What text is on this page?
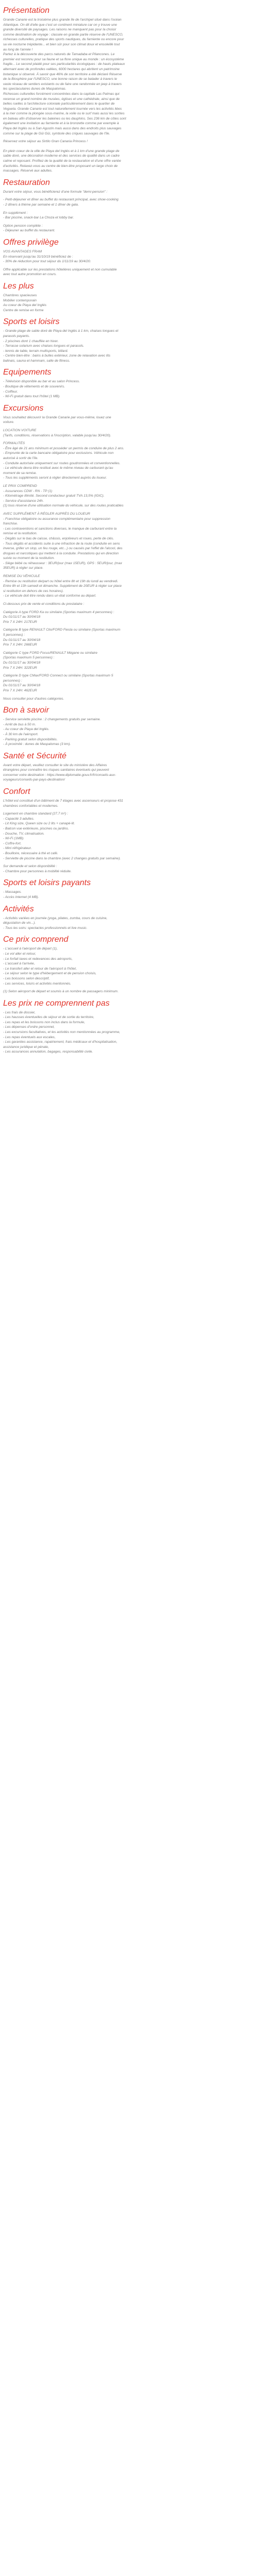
Présentation
Grande Canarie est la troisième plus grande île de l'archipel situé dans l'océan
Atlantique. On dit d'elle que c'est un continent miniature car on y trouve une
grande diversité de paysages. Les raisons ne manquent pas pour la choisir
comme destination de voyage : classée en grande partie réserve de l'UNESCO,
richesses culturelles, pratique des sports nautiques, du farniente ou encore pour
sa vie nocturne trépidante... et bien sûr pour son climat doux et ensoleillé tout
au long de l'année !
Partez à la découverte des parcs naturels de Tamadaba et Pilancones. Le
premier est reconnu pour sa faune et sa flore unique au monde : un écosystème
fragile... Le second plaidé pour ses particularités écologiques : de hauts plateaux
alternant avec de profondes vallées, 6000 hectares qui abritent un patrimoine
botanique si observé. À savoir que 46% de son territoire a été déclaré Réserve
de la Biosphère par l'UNESCO, une bonne raison de se balader à travers le
vaste réseau de sentiers existants ou de faire une randonnée en jeep à travers
les spectaculaires dunes de Maspalomas.
Richesses culturelles forcément concentrées dans la capitale Las Palmas qui
recense un grand nombre de musées, églises et une cathédrale, ainsi que de
belles ruelles à l'architecture coloniale particulièrement dans le quartier de
Vegueta. Grande Canarie est tout naturellement tournée vers les activités liées
à la mer comme la plongée sous-marine, la voile ou le surf mais aussi les sorties
en bateau afin d'observer les baleines ou les dauphins. Ses 236 km de côtes sont
également une invitation au farniente et à la bronzette comme par exemple à
Playa del Inglés ou à San Agustin mais aussi dans des endroits plus sauvages
comme sur la plage de Güi Güi, symbole des criques sauvages de l'île.
Réservez votre séjour au Sirtilo Gran Canaria Princess !
En plein coeur de la ville de Playa del Inglés et à 1 km d'une grande plage de
sable doré, une décoration moderne et des services de qualité dans un cadre
calme et reposant. Profitez de la qualité de la restauration et d'une offre variée
d'activités. Relaxez-vous au centre de bien-être proposant un large choix de
massages. Réservé aux adultes.
Restauration
Durant votre séjour, vous bénéficierez d'une formule "demi-pension" :
- Petit-déjeuner et dîner au buffet du restaurant principal, avec show-cooking
- 2 dîners à thème par semaine et 1 dîner de gala.
En supplément :
- Bar piscine, snack-bar La Choza et lobby bar.
Option pension complète :
- Déjeuner au buffet du restaurant.
Offres privilège
VOS AVANTAGES FRAM
En réservant jusqu'au 31/10/19 bénéficiez de :
- 30% de réduction pour tout séjour du 1/11/19 au 30/4/20.
Offre applicable sur les prestations hôtelières uniquement et non cumulable
avec tout autre promotion en cours.
Les plus
Chambres spacieuses
Mobilier contemporain
Au coeur de Playa del Inglés
Centre de remise en forme
Sports et loisirs
- Grande plage de sable doré de Playa del Inglés à 1 km, chaises longues et
parasols payants.
- 2 piscines dont 1 chauffée en hiver.
- Terrasse solarium avec chaises longues et parasols.
- tennis de table, terrain multisports, billard.
- Centre bien-être : bains à bulles extérieur, zone de relaxation avec lits
balinais, sauna et hammam, salle de fitness.
Equipements
- Télévision disponible au bar et au salon Princess.
- Boutique de vêtements et de souvenirs.
- Coiffeur.
- Wi-Fi gratuit dans tout l'hôtel (1 MB).
Excursions
Vous souhaitez découvrir la Grande Canarie par vous-même, louez une
voiture.
LOCATION VOITURE
(Tarifs, conditions, réservations à l'inscription, valable jusqu'au 30/4/20).
FORMALITÉS
- Être âgé de 21 ans minimum et posséder un permis de conduire de plus 2 ans.
- Emprunte de la carte bancaire obligatoire pour exclusions. Véhicule non
autorisé à sortir de l'île.
- Conduite autorisée uniquement sur routes goudronnées et conventionnelles.
- Le véhicule devra être restitué avec le même niveau de carburant qu'au
moment de sa remise.
- Tous les suppléments seront à régler directement auprès du loueur.
LE PRIX COMPREND
- Assurances CDW - RN - TP (1)
- Kilométrage illimité. Second conducteur gratuit TVA 13,5% (IGIC).
- Service d'assistance 24h.
(1) tous réserve d'une utilisation normale du véhicule, sur des routes praticables
AVEC SUPPLÉMENT À RÉGLER AUPRÈS DU LOUEUR
- Franchise obligatoire ou assurance complémentaire pour suppression
franchise.
- Les contraventions et sanctions diverses, le manque de carburant entre la
remise et la restitution.
- Dégâts sur le bas de caisse, châssis, enjoliveurs et roues, perte de clés.
- Tous dégâts et accidents suite à une infraction de la route (conduite en sens
inverse, griller un stop, un feu rouge, etc...) ou causés par l'effet de l'alcool, des
drogues et narcotiques qui mettent à la conduite. Prestations qui en direction
suivie ou moment de la restitution.
- Siège bébé ou réhausseur : 3EUR/jour (max 15EUR), GPS : 5EUR/jour, (max
35EUR) à régler sur place.
REMISE DU VÉHICULE
- Remise ou restitution de/part ou hôtel entre 8h et 19h du lundi au vendredi.
Entre 8h et 13h samedi et dimanche. Supplément de 20EUR à régler sur place
si restitution en dehors de ces horaires).
- Le véhicule doit être rendu dans un état conforme au départ.
Ci-dessous prix de vente et conditions du prestataire :
Catégorie A type FORD Ka ou similaire (Sportas maximum 4 personnes) :
Du 01/11/17 au 30/04/18
Prix 7 X 24H: 217EUR
Catégorie B type RENAULT Clio/FORD Fiesta ou similaire (Sportas maximum
5 personnes) :
Du 01/11/17 au 30/04/18
Prix 7 X 24H: 266EUR
Catégorie C type FORD Focus/RENAULT Mégane ou similaire
(Sportas maximum 5 personnes) :
Du 01/11/17 au 30/04/18
Prix 7 X 24H: 322EUR
Catégorie D type CMax/FORD Connect ou similaire (Sportas maximum 5
personnes) :
Du 01/11/17 au 30/04/18
Prix 7 X 24H: 462EUR
Nous consulter pour d'autres catégories.
Bon à savoir
- Service serviette piscine : 2 changements gratuits par semaine.
- Arrêt de bus à 50 m.
- Au coeur de Playa del Inglés.
- À 30 km de l'aéroport.
- Parking gratuit selon disponibilités.
- À proximité : dunes de Maspalomas (3 km).
Santé et Sécurité
Avant votre départ, veuillez consulter le site du ministère des Affaires
étrangères pour connaître les risques sanitaires éventuels qui peuvent
concerner votre destination : https://www.diplomatie.gouv.fr/fr/conseils-aux-
voyageurs/conseils-par-pays-destination/
Confort
L'hôtel est constitué d'un bâtiment de 7 étages avec ascenseurs et propose 431
chambres confortables et modernes.
Logement en chambre standard (27.7 m²) :
- Capacité 3 adultes.
- Lit King size, Queen size ou 2 lits + canapé-lit.
- Balcon vue extérieure, piscines ou jardins.
- Douche, TV, climatisation.
- Wi-Fi (1MB).
- Coffre-fort.
- Mini réfrigérateur.
- Bouilloire, nécessaire à thé et café.
- Serviette de piscine dans la chambre (avec 2 changes gratuits par semaine).
Sur demande et selon disponibilité :
- Chambre pour personnes à mobilité réduite.
Sports et loisirs payants
- Massages.
- Accès Internet (4 MB).
Activités
- Activités variées en journée (yoga, pilates, zumba, cours de cuisine,
dégustation de vin...).
- Tous les soirs: spectacles professionnels et live music.
Ce prix comprend
- L'accueil à l'aéroport de départ (1),
- Le vol aller et retour,
- Le forfait taxes et redevances des aéroports,
- L'accueil à l'arrivée,
- Le transfert aller et retour de l'aéroport à l'hôtel,
- Le séjour selon le type d'hébergement et de pension choisis,
- Les boissons selon descriptif,
- Les services, loisirs et activités mentionnés.
(1) Selon aéroport de départ et soumis à un nombre de passagers minimum.
Les prix ne comprennent pas
- Les frais de dossier,
- Les hausses éventuelles de séjour et de sortie du territoire,
- Les repas et les boissons non inclus dans la formule,
- Les dépenses d'ordre personnel,
- Les excursions facultatives, et les activités non mentionnées au programme,
- Les repas éventuels aux escales,
- Les garanties assistance, rapatriement, frais médicaux et d'hospitalisation,
assistance juridique et pénale,
- Les assurances annulation, bagages, responsabilité civile.
